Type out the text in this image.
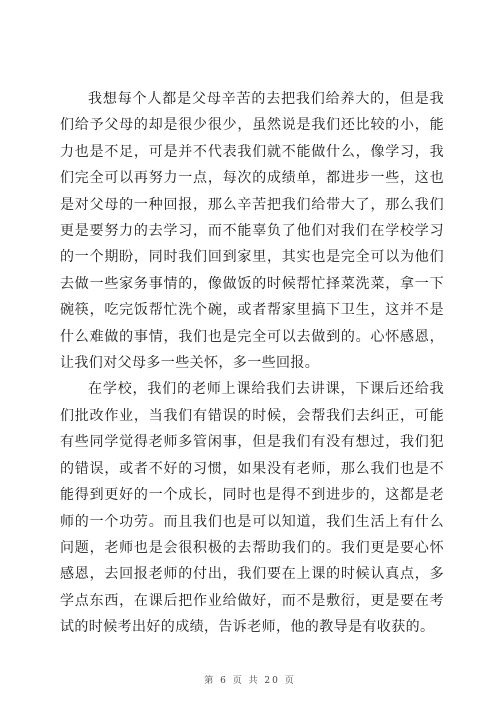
我想每个人都是父母辛苦的去把我们给养大的，但是我们给予父母的却是很少很少，虽然说是我们还比较的小，能力也是不足，可是并不代表我们就不能做什么，像学习，我们完全可以再努力一点，每次的成绩单，都进步一些，这也是对父母的一种回报，那么辛苦把我们给带大了，那么我们更是要努力的去学习，而不能辜负了他们对我们在学校学习的一个期盼，同时我们回到家里，其实也是完全可以为他们去做一些家务事情的，像做饭的时候帮忙择菜洗菜，拿一下碗筷，吃完饭帮忙洗个碗，或者帮家里搞下卫生，这并不是什么难做的事情，我们也是完全可以去做到的。心怀感恩，让我们对父母多一些关怀，多一些回报。

在学校，我们的老师上课给我们去讲课，下课后还给我们批改作业，当我们有错误的时候，会帮我们去纠正，可能有些同学觉得老师多管闲事，但是我们有没有想过，我们犯的错误，或者不好的习惯，如果没有老师，那么我们也是不能得到更好的一个成长，同时也是得不到进步的，这都是老师的一个功劳。而且我们也是可以知道，我们生活上有什么问题，老师也是会很积极的去帮助我们的。我们更是要心怀感恩，去回报老师的付出，我们要在上课的时候认真点，多学点东西，在课后把作业给做好，而不是敷衍，更是要在考试的时候考出好的成绩，告诉老师，他的教导是有收获的。

第 6 页 共 20 页
